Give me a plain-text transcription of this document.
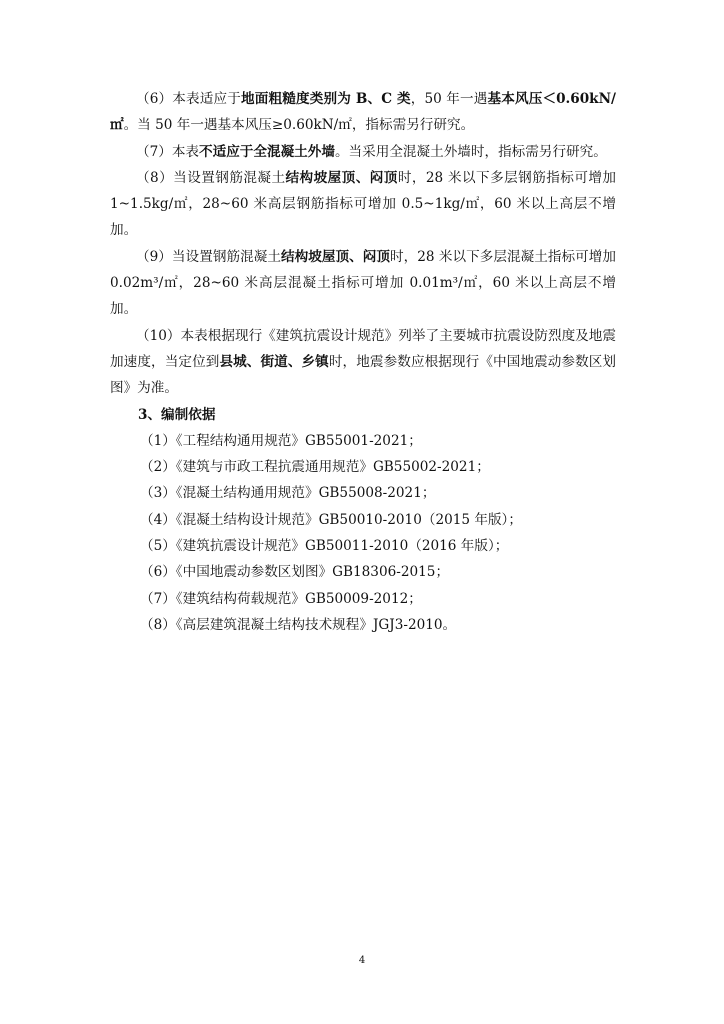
（6）本表适应于地面粗糙度类别为 B、C 类，50 年一遇基本风压＜0.60kN/㎡。当 50 年一遇基本风压≥0.60kN/㎡，指标需另行研究。

（7）本表不适应于全混凝土外墙。当采用全混凝土外墙时，指标需另行研究。

（8）当设置钢筋混凝土结构坡屋顶、闷顶时，28 米以下多层钢筋指标可增加 1~1.5kg/㎡，28~60 米高层钢筋指标可增加 0.5~1kg/㎡，60 米以上高层不增加。

（9）当设置钢筋混凝土结构坡屋顶、闷顶时，28 米以下多层混凝土指标可增加 0.02m³/㎡，28~60 米高层混凝土指标可增加 0.01m³/㎡，60 米以上高层不增加。

（10）本表根据现行《建筑抗震设计规范》列举了主要城市抗震设防烈度及地震加速度，当定位到县城、街道、乡镇时，地震参数应根据现行《中国地震动参数区划图》为准。

3、编制依据

（1）《工程结构通用规范》GB55001-2021；

（2）《建筑与市政工程抗震通用规范》GB55002-2021；

（3）《混凝土结构通用规范》GB55008-2021；

（4）《混凝土结构设计规范》GB50010-2010（2015 年版）；

（5）《建筑抗震设计规范》GB50011-2010（2016 年版）；

（6）《中国地震动参数区划图》GB18306-2015；

（7）《建筑结构荷载规范》GB50009-2012；

（8）《高层建筑混凝土结构技术规程》JGJ3-2010。

4
